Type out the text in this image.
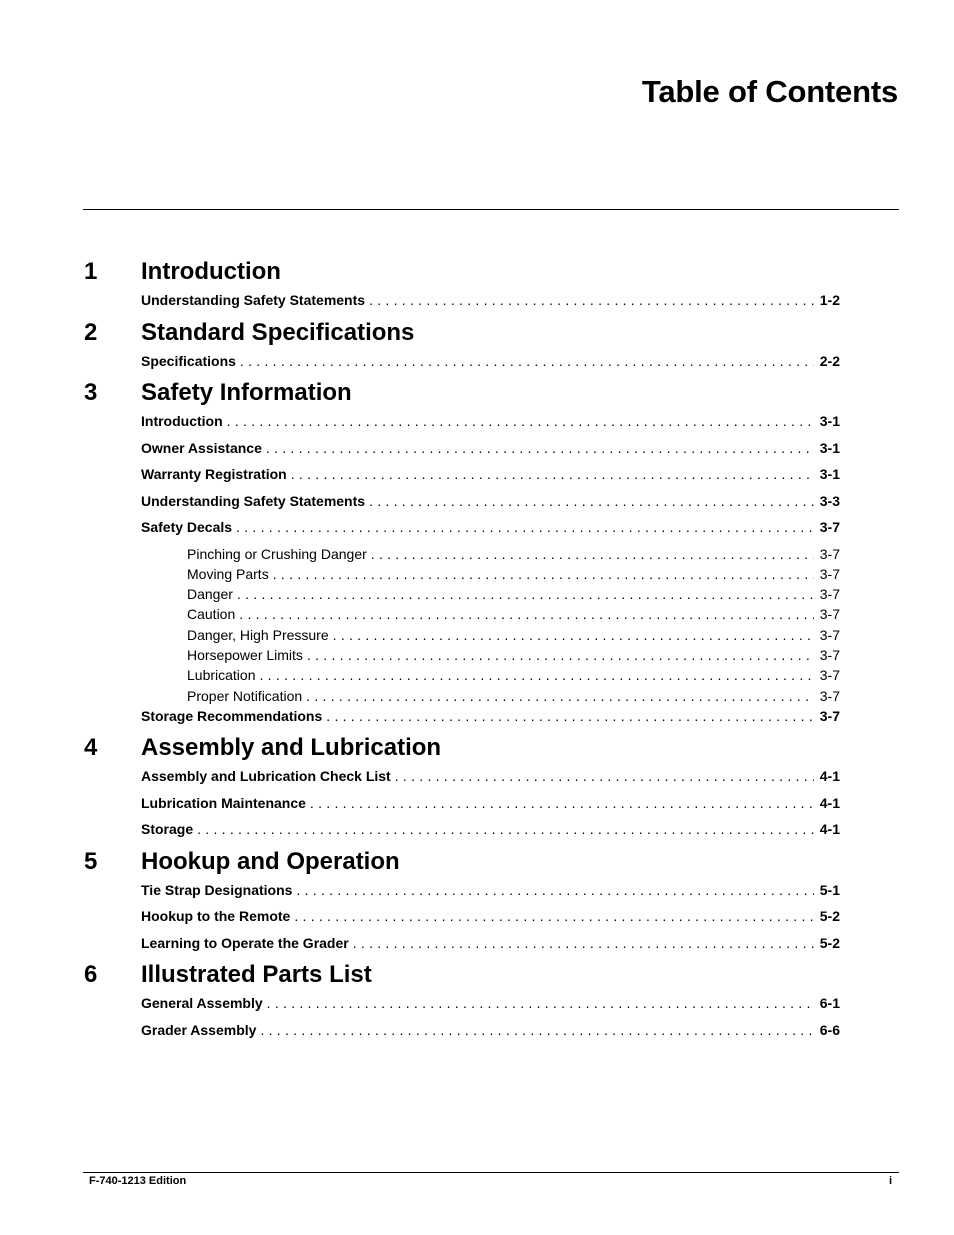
Table of Contents
1 Introduction
Understanding Safety Statements . . .	1-2
2 Standard Specifications
Specifications . . .	2-2
3 Safety Information
Introduction . . .	3-1
Owner Assistance . . .	3-1
Warranty Registration . . .	3-1
Understanding Safety Statements . . .	3-3
Safety Decals . . .	3-7
Pinching or Crushing Danger . . .	3-7
Moving Parts . . .	3-7
Danger . . .	3-7
Caution . . .	3-7
Danger, High Pressure . . .	3-7
Horsepower Limits . . .	3-7
Lubrication . . .	3-7
Proper Notification . . .	3-7
Storage Recommendations . . .	3-7
4 Assembly and Lubrication
Assembly and Lubrication Check List . . .	4-1
Lubrication Maintenance . . .	4-1
Storage . . .	4-1
5 Hookup and Operation
Tie Strap Designations . . .	5-1
Hookup to the Remote . . .	5-2
Learning to Operate the Grader . . .	5-2
6 Illustrated Parts List
General Assembly . . .	6-1
Grader Assembly . . .	6-6
F-740-1213 Edition	i
